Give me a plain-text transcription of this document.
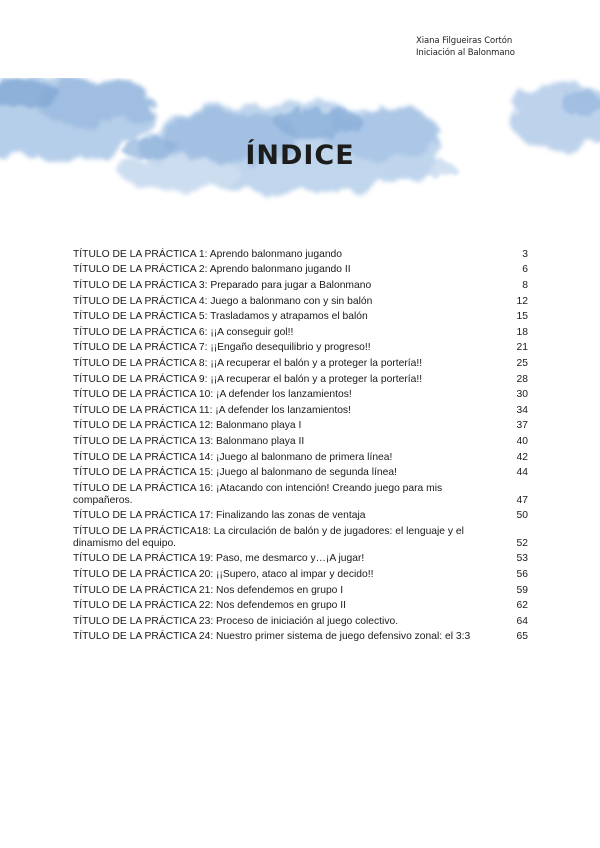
Xiana Filgueiras Cortón
Iniciación al Balonmano
ÍNDICE
TÍTULO DE LA PRÁCTICA 1: Aprendo balonmano jugando	3
TÍTULO DE LA PRÁCTICA 2: Aprendo balonmano jugando II	6
TÍTULO DE LA PRÁCTICA 3: Preparado para jugar a Balonmano	8
TÍTULO DE LA PRÁCTICA 4: Juego a balonmano con y sin balón	12
TÍTULO DE LA PRÁCTICA 5: Trasladamos y atrapamos el balón	15
TÍTULO DE LA PRÁCTICA 6: ¡¡A conseguir gol!!	18
TÍTULO DE LA PRÁCTICA 7: ¡¡Engaño desequilibrio y progreso!!	21
TÍTULO DE LA PRÁCTICA 8: ¡¡A recuperar el balón y a proteger la portería!!	25
TÍTULO DE LA PRÁCTICA 9: ¡¡A recuperar el balón y a proteger la portería!!	28
TÍTULO DE LA PRÁCTICA 10: ¡A defender los lanzamientos!	30
TÍTULO DE LA PRÁCTICA 11: ¡A defender los lanzamientos!	34
TÍTULO DE LA PRÁCTICA 12: Balonmano playa I	37
TÍTULO DE LA PRÁCTICA 13: Balonmano playa II	40
TÍTULO DE LA PRÁCTICA 14: ¡Juego al balonmano de primera línea!	42
TÍTULO DE LA PRÁCTICA 15: ¡Juego al balonmano de segunda línea!	44
TÍTULO DE LA PRÁCTICA 16: ¡Atacando con intención! Creando juego para mis compañeros.	47
TÍTULO DE LA PRÁCTICA 17: Finalizando las zonas de ventaja	50
TÍTULO DE LA PRÁCTICA18: La circulación de balón y de jugadores: el lenguaje y el dinamismo del equipo.	52
TÍTULO DE LA PRÁCTICA 19: Paso, me desmarco y…¡A jugar!	53
TÍTULO DE LA PRÁCTICA 20: ¡¡Supero, ataco al impar y decido!!	56
TÍTULO DE LA PRÁCTICA 21: Nos defendemos en grupo I	59
TÍTULO DE LA PRÁCTICA 22: Nos defendemos en grupo II	62
TÍTULO DE LA PRÁCTICA 23: Proceso de iniciación al juego colectivo.	64
TÍTULO DE LA PRÁCTICA 24: Nuestro primer sistema de juego defensivo zonal: el 3:3	65
